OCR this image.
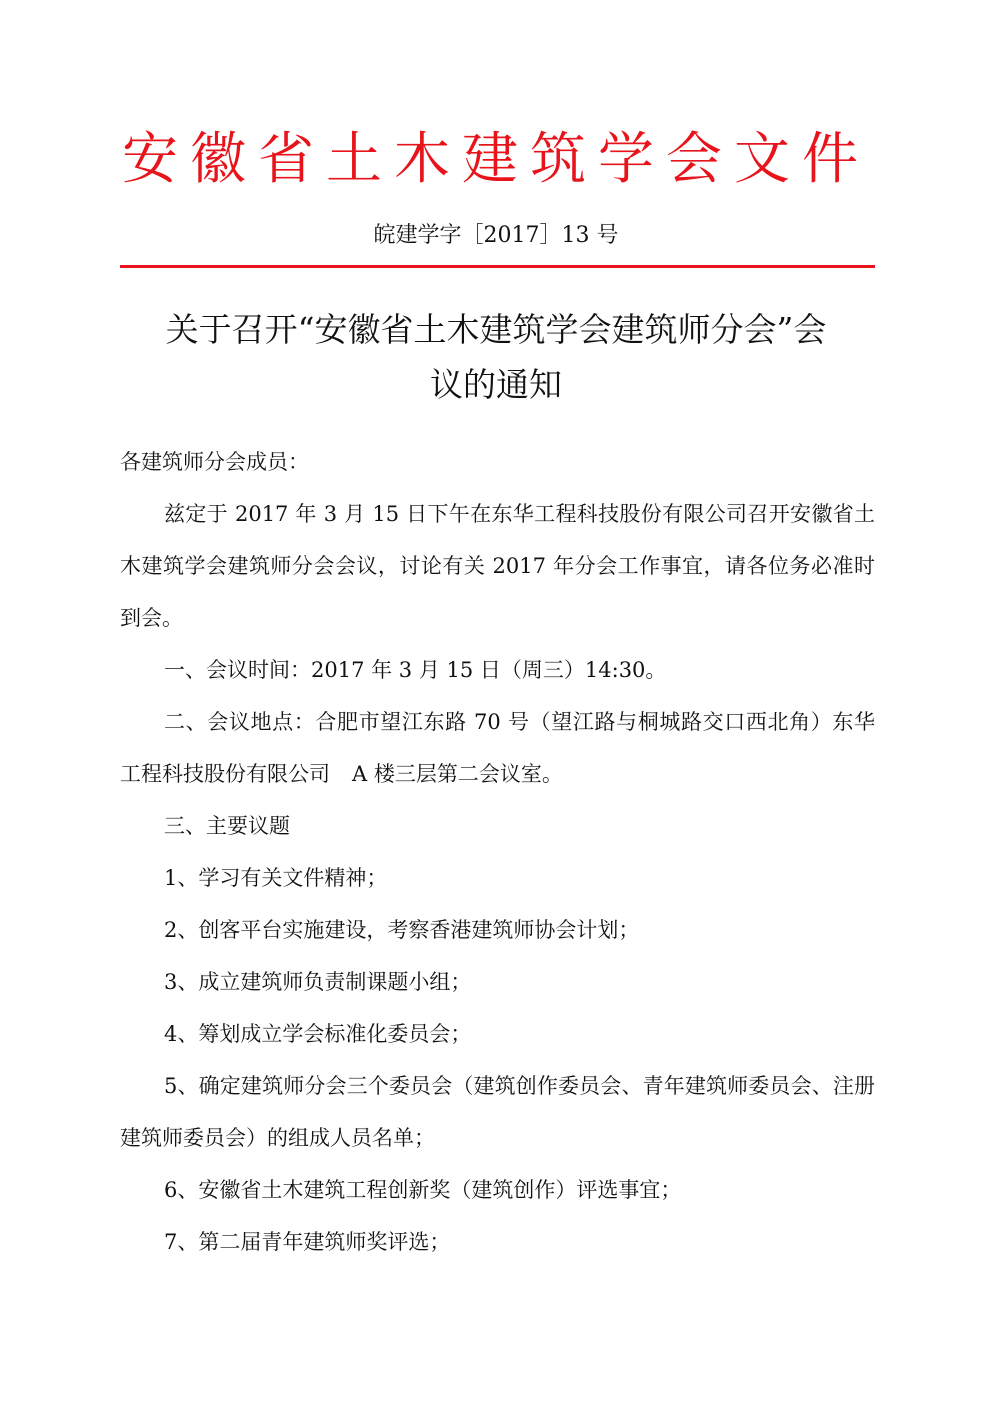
安徽省土木建筑学会文件
皖建学字［2017］13 号
关于召开“安徽省土木建筑学会建筑师分会”会
议的通知

各建筑师分会成员：

兹定于 2017 年 3 月 15 日下午在东华工程科技股份有限公司召开安徽省土木建筑学会建筑师分会会议，讨论有关 2017 年分会工作事宜，请各位务必准时到会。

一、会议时间：2017 年 3 月 15 日（周三）14:30。

二、会议地点：合肥市望江东路 70 号（望江路与桐城路交口西北角）东华工程科技股份有限公司 A 楼三层第二会议室。

三、主要议题

1、学习有关文件精神；

2、创客平台实施建设，考察香港建筑师协会计划；

3、成立建筑师负责制课题小组；

4、筹划成立学会标准化委员会；

5、确定建筑师分会三个委员会（建筑创作委员会、青年建筑师委员会、注册建筑师委员会）的组成人员名单；

6、安徽省土木建筑工程创新奖（建筑创作）评选事宜；

7、第二届青年建筑师奖评选；
